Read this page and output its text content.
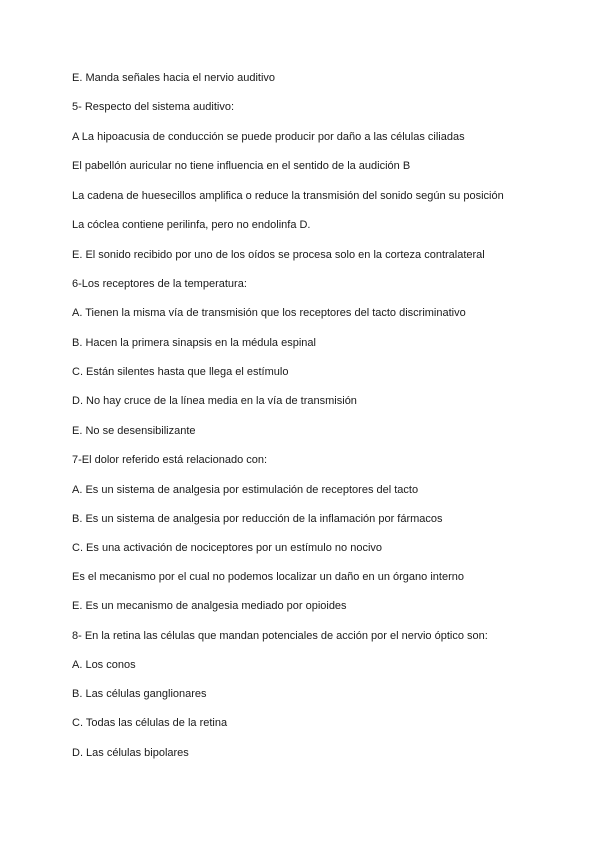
E. Manda señales hacia el nervio auditivo
5- Respecto del sistema auditivo:
A La hipoacusia de conducción se puede producir por daño a las células ciliadas
El pabellón auricular no tiene influencia en el sentido de la audición B
La cadena de huesecillos amplifica o reduce la transmisión del sonido según su posición
La cóclea contiene perilinfa, pero no endolinfa D.
E. El sonido recibido por uno de los oídos se procesa solo en la corteza contralateral
6-Los receptores de la temperatura:
A. Tienen la misma vía de transmisión que los receptores del tacto discriminativo
B. Hacen la primera sinapsis en la médula espinal
C. Están silentes hasta que llega el estímulo
D. No hay cruce de la línea media en la vía de transmisión
E. No se desensibilizante
7-El dolor referido está relacionado con:
A. Es un sistema de analgesia por estimulación de receptores del tacto
B. Es un sistema de analgesia por reducción de la inflamación por fármacos
C. Es una activación de nociceptores por un estímulo no nocivo
Es el mecanismo por el cual no podemos localizar un daño en un órgano interno
E. Es un mecanismo de analgesia mediado por opioides
8- En la retina las células que mandan potenciales de acción por el nervio óptico son:
A. Los conos
B. Las células ganglionares
C. Todas las células de la retina
D. Las células bipolares
